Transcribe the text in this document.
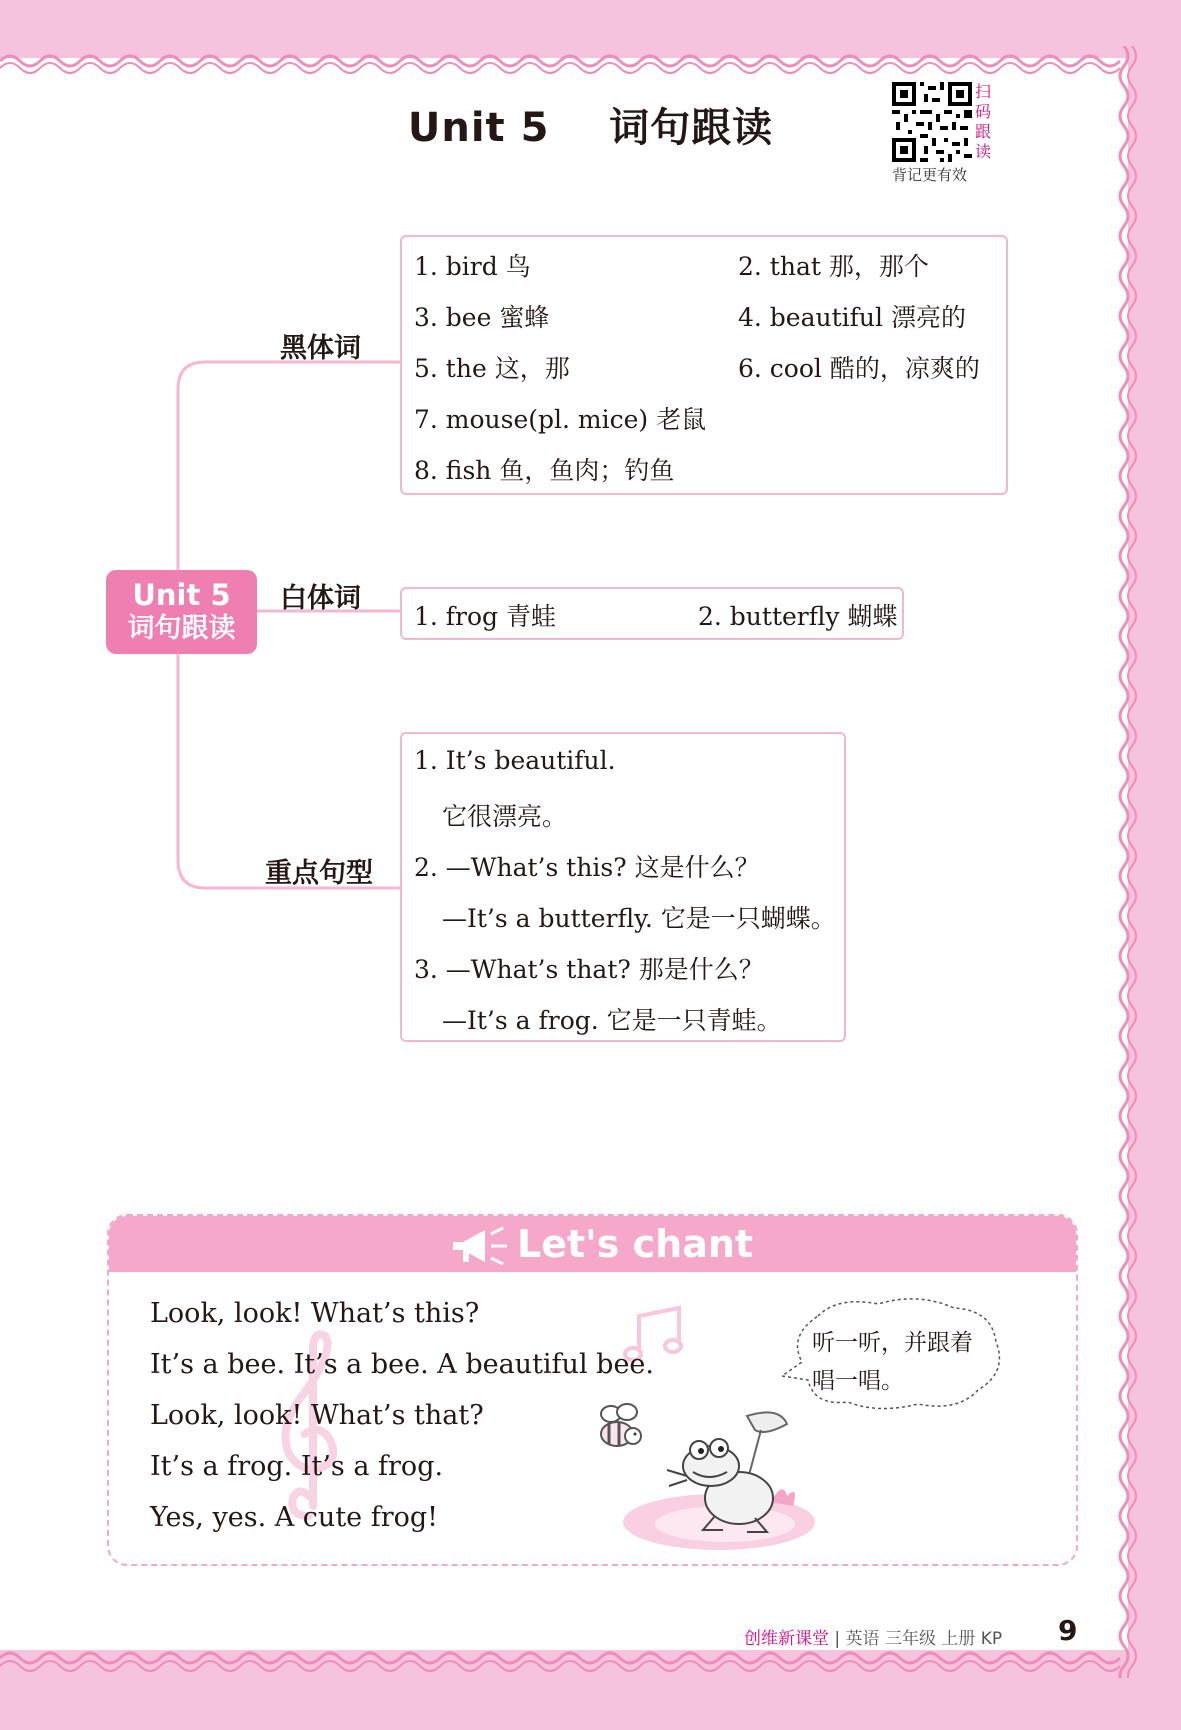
Unit 5 词句跟读
扫码跟读
背记更有效
Unit 5
词句跟读
黑体词
白体词
重点句型
1. bird 鸟	2. that 那，那个
3. bee 蜜蜂	4. beautiful 漂亮的
5. the 这，那	6. cool 酷的，凉爽的
7. mouse(pl. mice) 老鼠
8. fish 鱼，鱼肉；钓鱼
1. frog 青蛙	2. butterfly 蝴蝶
1. It’s beautiful.
它很漂亮。
2. —What’s this? 这是什么？
—It’s a butterfly. 它是一只蝴蝶。
3. —What’s that? 那是什么？
—It’s a frog. 它是一只青蛙。
Let's chant
Look, look! What’s this?
It’s a bee. It’s a bee. A beautiful bee.
Look, look! What’s that?
It’s a frog. It’s a frog.
Yes, yes. A cute frog!
听一听，并跟着
唱一唱。
创维新课堂 | 英语 三年级 上册 KP 9
